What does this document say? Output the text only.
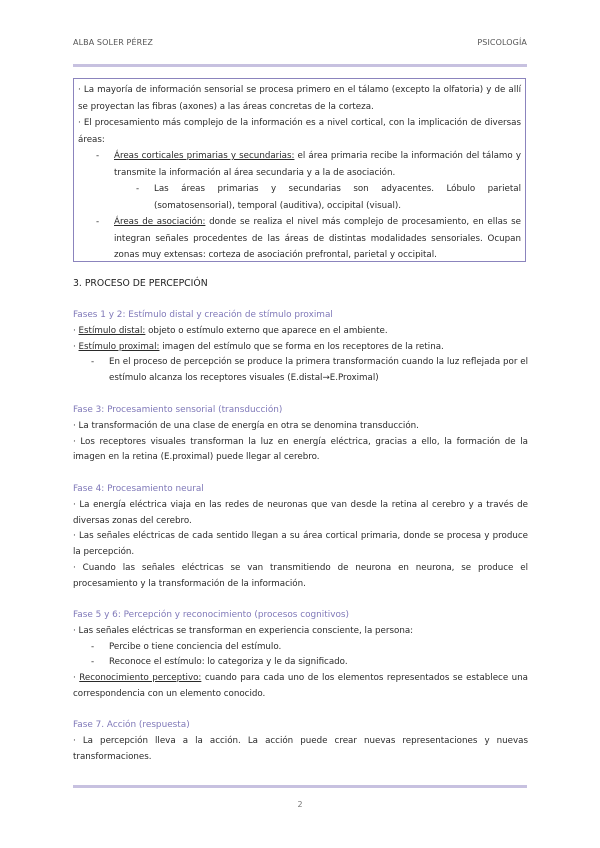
ALBA SOLER PÉREZ	PSICOLOGÍA

· La mayoría de información sensorial se procesa primero en el tálamo (excepto la olfatoria) y de allí se proyectan las fibras (axones) a las áreas concretas de la corteza.

· El procesamiento más complejo de la información es a nivel cortical, con la implicación de diversas áreas:

- Áreas corticales primarias y secundarias: el área primaria recibe la información del tálamo y transmite la información al área secundaria y a la de asociación.

- Las áreas primarias y secundarias son adyacentes. Lóbulo parietal (somatosensorial), temporal (auditiva), occipital (visual).

- Áreas de asociación: donde se realiza el nivel más complejo de procesamiento, en ellas se integran señales procedentes de las áreas de distintas modalidades sensoriales. Ocupan zonas muy extensas: corteza de asociación prefrontal, parietal y occipital.

3. PROCESO DE PERCEPCIÓN

Fases 1 y 2: Estímulo distal y creación de stímulo proximal

· Estímulo distal: objeto o estímulo externo que aparece en el ambiente.

· Estímulo proximal: imagen del estímulo que se forma en los receptores de la retina.

- En el proceso de percepción se produce la primera transformación cuando la luz reflejada por el estímulo alcanza los receptores visuales (E.distal→E.Proximal)

Fase 3: Procesamiento sensorial (transducción)

· La transformación de una clase de energía en otra se denomina transducción.

· Los receptores visuales transforman la luz en energía eléctrica, gracias a ello, la formación de la imagen en la retina (E.proximal) puede llegar al cerebro.

Fase 4: Procesamiento neural

· La energía eléctrica viaja en las redes de neuronas que van desde la retina al cerebro y a través de diversas zonas del cerebro.

· Las señales eléctricas de cada sentido llegan a su área cortical primaria, donde se procesa y produce la percepción.

· Cuando las señales eléctricas se van transmitiendo de neurona en neurona, se produce el procesamiento y la transformación de la información.

Fase 5 y 6: Percepción y reconocimiento (procesos cognitivos)

· Las señales eléctricas se transforman en experiencia consciente, la persona:

- Percibe o tiene conciencia del estímulo.

- Reconoce el estímulo: lo categoriza y le da significado.

· Reconocimiento perceptivo: cuando para cada uno de los elementos representados se establece una correspondencia con un elemento conocido.

Fase 7. Acción (respuesta)

· La percepción lleva a la acción. La acción puede crear nuevas representaciones y nuevas transformaciones.

2
